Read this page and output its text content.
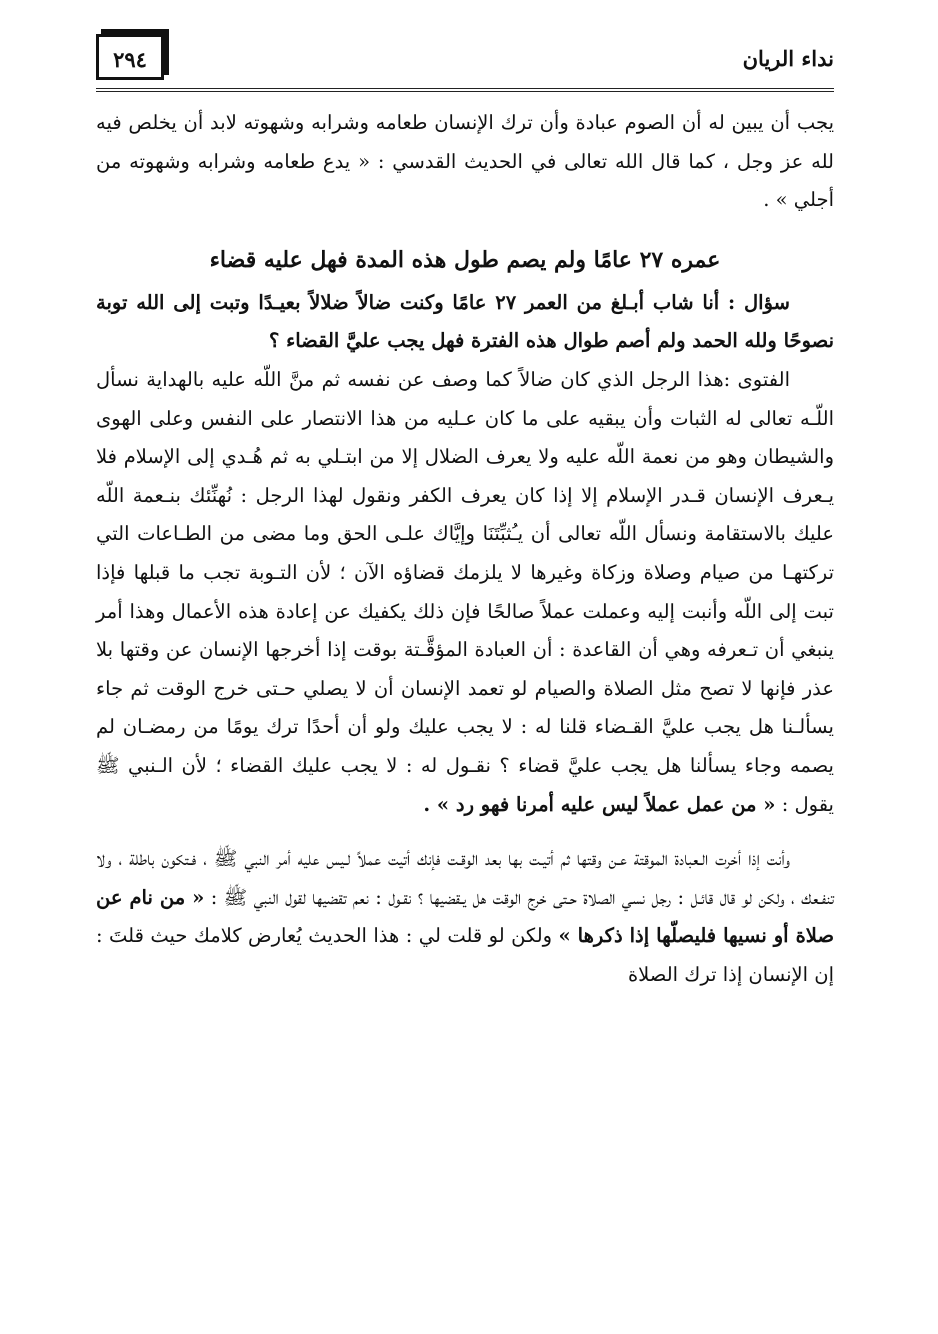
نداء الريان
٢٩٤

يجب أن يبين له أن الصوم عبادة وأن ترك الإنسان طعامه وشرابه وشهوته لابد أن يخلص فيه لله عز وجل ، كما قال الله تعالى في الحديث القدسي : « يدع طعامه وشرابه وشهوته من أجلي » .

عمره ٢٧ عامًا ولم يصم طول هذه المدة فهل عليه قضاء

سؤال : أنا شاب أبـلغ من العمر ٢٧ عامًا وكنت ضالاً ضلالاً بعيـدًا وتبت إلى الله توبة نصوحًا ولله الحمد ولم أصم طوال هذه الفترة فهل يجب عليَّ القضاء ؟

الفتوى :هذا الرجل الذي كان ضالاً كما وصف عن نفسه ثم منَّ اللّه عليه بالهداية نسأل اللّـه تعالى له الثبات وأن يبقيه على ما كان عـليه من هذا الانتصار على النفس وعلى الهوى والشيطان وهو من نعمة اللّه عليه ولا يعرف الضلال إلا من ابتـلي به ثم هُـدي إلى الإسلام فلا يـعرف الإنسان قـدر الإسلام إلا إذا كان يعرف الكفر ونقول لهذا الرجل : نُهنِّئك بنـعمة اللّه عليك بالاستقامة ونسأل اللّه تعالى أن يـُثبِّتَنَا وإيَّاك علـى الحق وما مضى من الطـاعات التي تركتهـا من صيام وصلاة وزكاة وغيرها لا يلزمك قضاؤه الآن ؛ لأن التـوبة تجب ما قبلها فإذا تبت إلى اللّه وأنبت إليه وعملت عملاً صالحًا فإن ذلك يكفيك عن إعادة هذه الأعمال وهذا أمر ينبغي أن تـعرفه وهي أن القاعدة : أن العبادة المؤقَّـتة بوقت إذا أخرجها الإنسان عن وقتها بلا عذر فإنها لا تصح مثل الصلاة والصيام لو تعمد الإنسان أن لا يصلي حـتى خرج الوقت ثم جاء يسألـنا هل يجب عليَّ القـضاء قلنا له : لا يجب عليك ولو أن أحدًا ترك يومًا من رمضـان لم يصمه وجاء يسألنا هل يجب عليَّ قضاء ؟ نقـول له : لا يجب عليك القضاء ؛ لأن الـنبي ﷺ يقول : « من عمل عملاً ليس عليه أمرنا فهو رد » .

وأنت إذا أخرت الـعبادة الموقتة عـن وقتها ثم أتيـت بها بعد الوقـت فإنك أتيت عملاً لـيس عليه أمر النبي ﷺ ، فـتكون باطلة ، ولا تنفـعك ، ولكن لو قال قائـل : رجل نسي الصلاة حـتى خرج الوقت هل يـقضيها ؟ نقـول : نعم تقضيها لقول النبي ﷺ : « من نام عن صلاة أو نسيها فليصلّها إذا ذكرها » ولكن لو قلت لي : هذا الحديث يُعارض كلامك حيث قلتَ : إن الإنسان إذا ترك الصلاة
